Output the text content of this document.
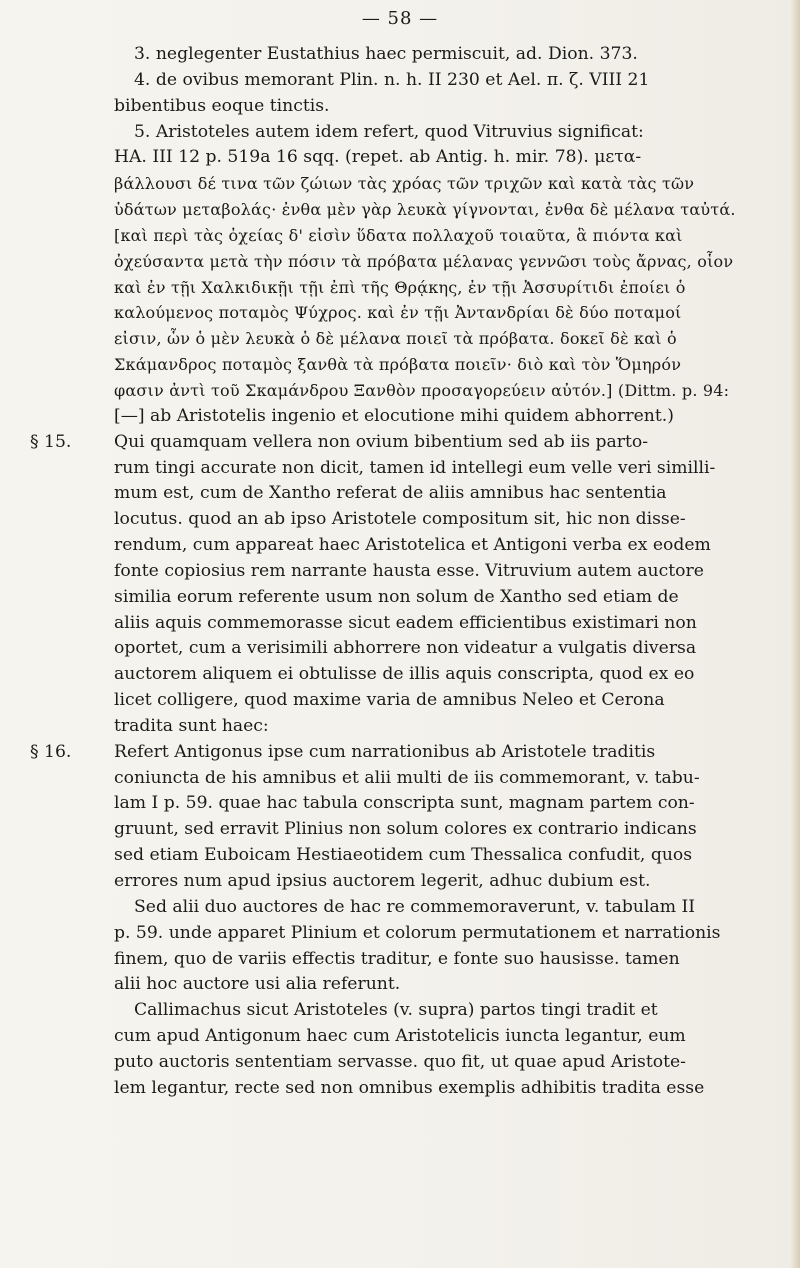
— 58 —
3. neglegenter Eustathius haec permiscuit, ad. Dion. 373.
4. de ovibus memorant Plin. n. h. II 230 et Ael. π. ζ. VIII 21
bibentibus eoque tinctis.
5. Aristoteles autem idem refert, quod Vitruvius significat:
HA. III 12 p. 519a 16 sqq. (repet. ab Antig. h. mir. 78). μετα-
βάλλουσι δέ τινα τῶν ζώιων τὰς χρόας τῶν τριχῶν καὶ κατὰ τὰς τῶν
ὑδάτων μεταβολάς· ἐνθα μὲν γὰρ λευκὰ γίγνονται, ἐνθα δὲ μέλανα ταὐτά.
[καὶ περὶ τὰς ὀχείας δ' εἰσὶν ὕδατα πολλαχοῦ τοιαῦτα, ἃ πιόντα καὶ
ὀχεύσαντα μετὰ τὴν πόσιν τὰ πρόβατα μέλανας γεννῶσι τοὺς ἄρνας, οἷον
καὶ ἐν τῇι Χαλκιδικῇι τῇι ἐπὶ τῆς Θρᾴκης, ἐν τῇι Ἀσσυρίτιδι ἐποίει ὁ
καλούμενος ποταμὸς Ψύχρος. καὶ ἐν τῇι Ἀντανδρίαι δὲ δύο ποταμοί
εἰσιν, ὧν ὁ μὲν λευκὰ ὁ δὲ μέλανα ποιεῖ τὰ πρόβατα. δοκεῖ δὲ καὶ ὁ
Σκάμανδρος ποταμὸς ξανθὰ τὰ πρόβατα ποιεῖν· διὸ καὶ τὸν Ὅμηρόν
φασιν ἀντὶ τοῦ Σκαμάνδρου Ξανθὸν προσαγορεύειν αὐτόν.] (Dittm. p. 94:
[—] ab Aristotelis ingenio et elocutione mihi quidem abhorrent.)
§ 15. Qui quamquam vellera non ovium bibentium sed ab iis parto-
rum tingi accurate non dicit, tamen id intellegi eum velle veri similli-
mum est, cum de Xantho referat de aliis amnibus hac sententia
locutus. quod an ab ipso Aristotele compositum sit, hic non disse-
rendum, cum appareat haec Aristotelica et Antigoni verba ex eodem
fonte copiosius rem narrante hausta esse. Vitruvium autem auctore
similia eorum referente usum non solum de Xantho sed etiam de
aliis aquis commemorasse sicut eadem efficientibus existimari non
oportet, cum a verisimili abhorrere non videatur a vulgatis diversa
auctorem aliquem ei obtulisse de illis aquis conscripta, quod ex eo
licet colligere, quod maxime varia de amnibus Neleo et Cerona
tradita sunt haec:
§ 16. Refert Antigonus ipse cum narrationibus ab Aristotele traditis
coniuncta de his amnibus et alii multi de iis commemorant, v. tabu-
lam I p. 59. quae hac tabula conscripta sunt, magnam partem con-
gruunt, sed erravit Plinius non solum colores ex contrario indicans
sed etiam Euboicam Hestiaeotidem cum Thessalica confudit, quos
errores num apud ipsius auctorem legerit, adhuc dubium est.
Sed alii duo auctores de hac re commemoraverunt, v. tabulam II
p. 59. unde apparet Plinium et colorum permutationem et narrationis
finem, quo de variis effectis traditur, e fonte suo hausisse. tamen
alii hoc auctore usi alia referunt.
Callimachus sicut Aristoteles (v. supra) partos tingi tradit et
cum apud Antigonum haec cum Aristotelicis iuncta legantur, eum
puto auctoris sententiam servasse. quo fit, ut quae apud Aristote-
lem legantur, recte sed non omnibus exemplis adhibitis tradita esse
